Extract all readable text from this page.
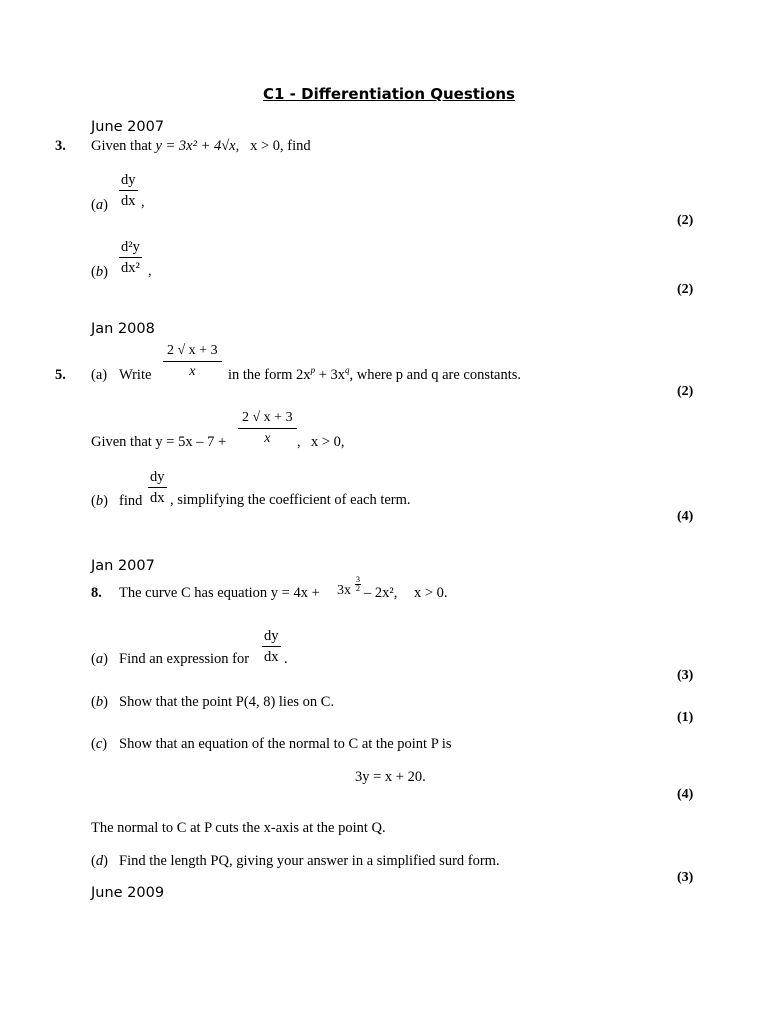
C1 - Differentiation Questions
June 2007
3. Given that y = 3x² + 4√x, x > 0, find
$(a) \frac{dy}{dx}$ ,
(2)
$(b) \frac{\text{d²y}}{\text{dx²}}$ ,
(2)
Jan 2008
5. (a) Write $\frac{2 √ x + 3}{x}$ in the form $2x^p + 3x^q$, where p and q are constants.
(2)
Given that $y = 5x - 7 + \frac{2 √ x + 3}{x}$ , x > 0,
(b) find $\frac{dy}{dx}$ , simplifying the coefficient of each term.
(4)
Jan 2007
8. The curve C has equation $y = 4x + 3x \frac{3}{2} - 2x^2$, x > 0.
(a) Find an expression for $\frac{dy}{dx}$ .
(3)
(b) Show that the point P(4, 8) lies on C.
(1)
(c) Show that an equation of the normal to C at the point P is
3y = x + 20.
(4)
The normal to C at P cuts the x-axis at the point Q.
(d) Find the length PQ, giving your answer in a simplified surd form.
(3)
June 2009
